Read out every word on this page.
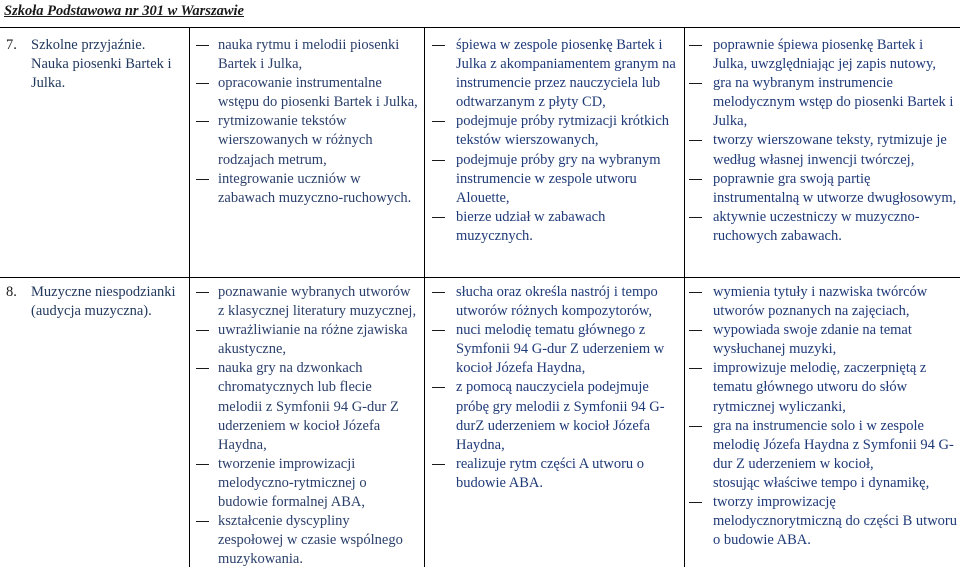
Szkoła Podstawowa nr 301 w Warszawie
7. Szkolne przyjaźnie. Nauka piosenki Bartek i Julka.
nauka rytmu i melodii piosenki Bartek i Julka,
opracowanie instrumentalne wstępu do piosenki Bartek i Julka,
rytmizowanie tekstów wierszowanych w różnych rodzajach metrum,
integrowanie uczniów w zabawach muzyczno-ruchowych.
śpiewa w zespole piosenkę Bartek i Julka z akompaniamentem granym na instrumencie przez nauczyciela lub odtwarzanym z płyty CD,
podejmuje próby rytmizacji krótkich tekstów wierszowanych,
podejmuje próby gry na wybranym instrumencie w zespole utworu Alouette,
bierze udział w zabawach muzycznych.
poprawnie śpiewa piosenkę Bartek i Julka, uwzględniając jej zapis nutowy,
gra na wybranym instrumencie melodycznym wstęp do piosenki Bartek i Julka,
tworzy wierszowane teksty, rytmizuje je według własnej inwencji twórczej,
poprawnie gra swoją partię instrumentalną w utworze dwugłosowym,
aktywnie uczestniczy w muzyczno-ruchowych zabawach.
8. Muzyczne niespodzianki (audycja muzyczna).
poznawanie wybranych utworów z klasycznej literatury muzycznej,
uwrażliwianie na różne zjawiska akustyczne,
nauka gry na dzwonkach chromatycznych lub flecie melodii z Symfonii 94 G-dur Z uderzeniem w kocioł Józefa Haydna,
tworzenie improwizacji melodyczno-rytmicznej o budowie formalnej ABA,
kształcenie dyscypliny zespołowej w czasie wspólnego muzykowania.
słucha oraz określa nastrój i tempo utworów różnych kompozytorów,
nuci melodię tematu głównego z Symfonii 94 G-dur Z uderzeniem w kocioł Józefa Haydna,
z pomocą nauczyciela podejmuje próbę gry melodii z Symfonii 94 G-durZ uderzeniem w kocioł Józefa Haydna,
realizuje rytm części A utworu o budowie ABA.
wymienia tytuły i nazwiska twórców utworów poznanych na zajęciach,
wypowiada swoje zdanie na temat wysłuchanej muzyki,
improwizuje melodię, zaczerpniętą z tematu głównego utworu do słów rytmicznej wyliczanki,
gra na instrumencie solo i w zespole melodię Józefa Haydna z Symfonii 94 G-dur Z uderzeniem w kocioł,
stosując właściwe tempo i dynamikę,
tworzy improwizację melodycznorytmiczną do części B utworu o budowie ABA.
